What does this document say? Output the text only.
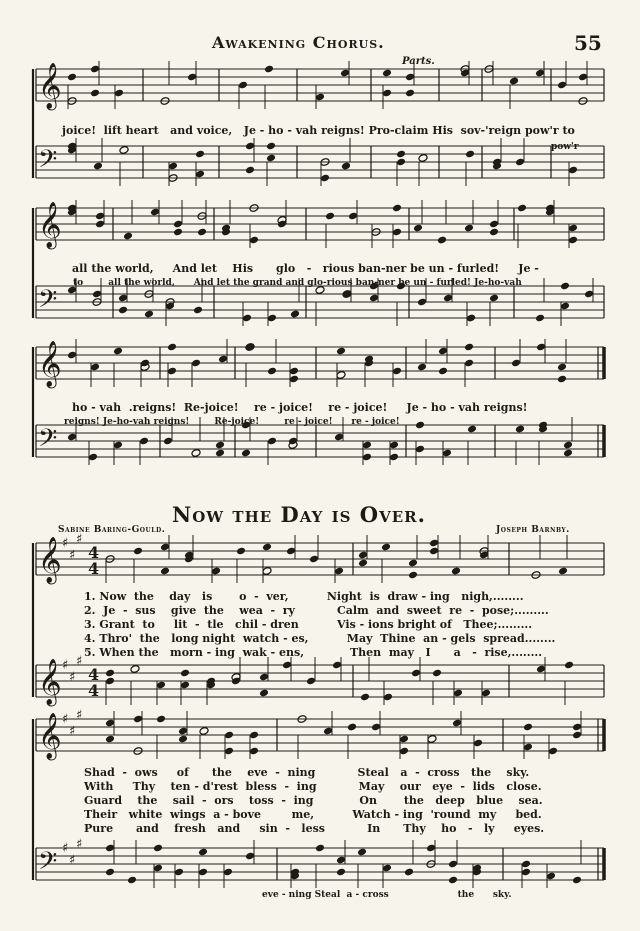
Awakening Chorus.	55
Parts.
𝄞
𝄢
𝄞
𝄢
𝄞
𝄢
𝄞
𝄞
𝄞
𝄢
♯
♯
♯
♯
♯
♯
♯
♯
♯
♯
♯
♯
4
4
4
4
joice!  lift heart   and voice,   Je - ho - vah reigns! Pro-claim His  sov-'reign pow'r to
pow'r
all the world,     And let    His      glo   -   rious ban-ner be un - furled!     Je -
to        all the world,      And let the grand and glo-rious ban-ner be un - furled! Je-ho-vah
ho - vah  .reigns!  Re-joice!    re - joice!    re - joice!     Je - ho - vah reigns!
reigns! Je-ho-vah reigns!        Re-joice!        re - joice!      re - joice!
Now the Day is Over.
Sabine Baring-Gould.	Joseph Barnby.
1. Now  the    day   is       o  -  ver,          Night  is  draw - ing   nigh,........
2.  Je  -  sus    give  the    wea  -  ry           Calm  and  sweet  re  -  pose;.........
3. Grant  to     lit  -  tle   chil - dren          Vis - ions bright of   Thee;.........
4. Thro'  the   long night  watch - es,          May  Thine  an - gels  spread........
5. When the   morn - ing  wak - ens,            Then  may   I      a   -  rise,........
Shad  -  ows     of      the    eve  -  ning           Steal   a  -  cross   the    sky.
With     Thy    ten - d'rest  bless  -  ing           May    our   eye  -  lids   close.
Guard    the    sail  -  ors    toss  -  ing            On       the   deep   blue    sea.
Their   white  wings  a - bove        me,          Watch - ing  'round  my     bed.
Pure      and    fresh   and     sin  -   less           In      Thy    ho   -   ly     eyes.
eve - ning Steal  a - cross                      the      sky.
